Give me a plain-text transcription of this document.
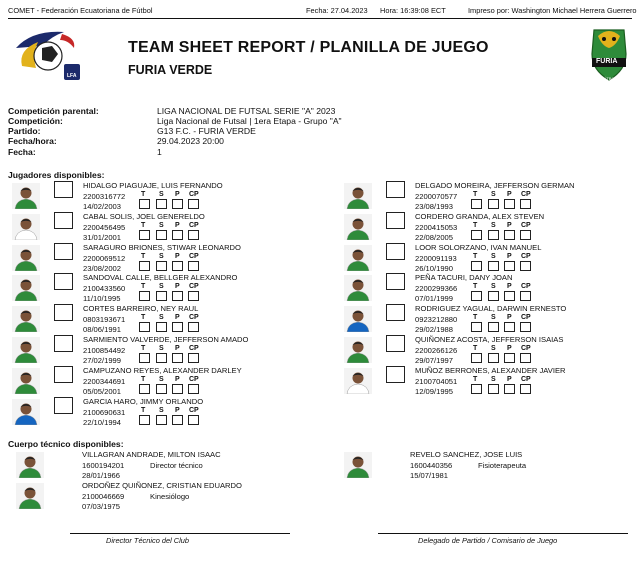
COMET - Federación Ecuatoriana de Fútbol	Fecha: 27.04.2023 Hora: 16:39:08 ECT	Impreso por: Washington Michael Herrera Guerrero
LFA
TEAM SHEET REPORT / PLANILLA DE JUEGO
FURIA VERDE
FURIA
FÚTBOL
Competición parental:	LIGA NACIONAL DE FUTSAL SERIE "A" 2023
Competición:	Liga Nacional de Futsal | 1era Etapa - Grupo "A"
Partido:	G13 F.C. - FURIA VERDE
Fecha/hora:	29.04.2023 20:00
Fecha:	1
Jugadores disponibles:
HIDALGO PIAGUAJE, LUIS FERNANDO
2200316772
14/02/2003
T S P CP
CABAL SOLIS, JOEL GENERELDO
2200456495
31/01/2001
T S P CP
SARAGURO BRIONES, STIWAR LEONARDO
2200069512
23/08/2002
T S P CP
SANDOVAL CALLE, BELLGER ALEXANDRO
2100433560
11/10/1995
T S P CP
CORTES BARREIRO, NEY RAUL
0803193671
08/06/1991
T S P CP
SARMIENTO VALVERDE, JEFFERSON AMADO
2100854492
27/02/1999
T S P CP
CAMPUZANO REYES, ALEXANDER DARLEY
2200344691
05/05/2001
T S P CP
GARCIA HARO, JIMMY ORLANDO
2100690631
22/10/1994
T S P CP
DELGADO MOREIRA, JEFFERSON GERMAN
2200070577
23/08/1993
T S P CP
CORDERO GRANDA, ALEX STEVEN
2200415053
22/08/2005
T S P CP
LOOR SOLORZANO, IVAN MANUEL
2200091193
26/10/1990
T S P CP
PEÑA TACURI, DANY JOAN
2200299366
07/01/1999
T S P CP
RODRIGUEZ YAGUAL, DARWIN ERNESTO
0923212880
29/02/1988
T S P CP
QUIÑONEZ ACOSTA, JEFFERSON ISAIAS
2200266126
29/07/1997
T S P CP
MUÑOZ BERRONES, ALEXANDER JAVIER
2100704051
12/09/1995
T S P CP
Cuerpo técnico disponibles:
VILLAGRAN ANDRADE, MILTON ISAAC
1600194201	Director técnico
28/01/1966
ORDOÑEZ QUIÑONEZ, CRISTIAN EDUARDO
2100046669	Kinesiólogo
07/03/1975
REVELO SANCHEZ, JOSE LUIS
1600440356	Fisioterapeuta
15/07/1981
Director Técnico del Club	Delegado de Partido / Comisario de Juego
